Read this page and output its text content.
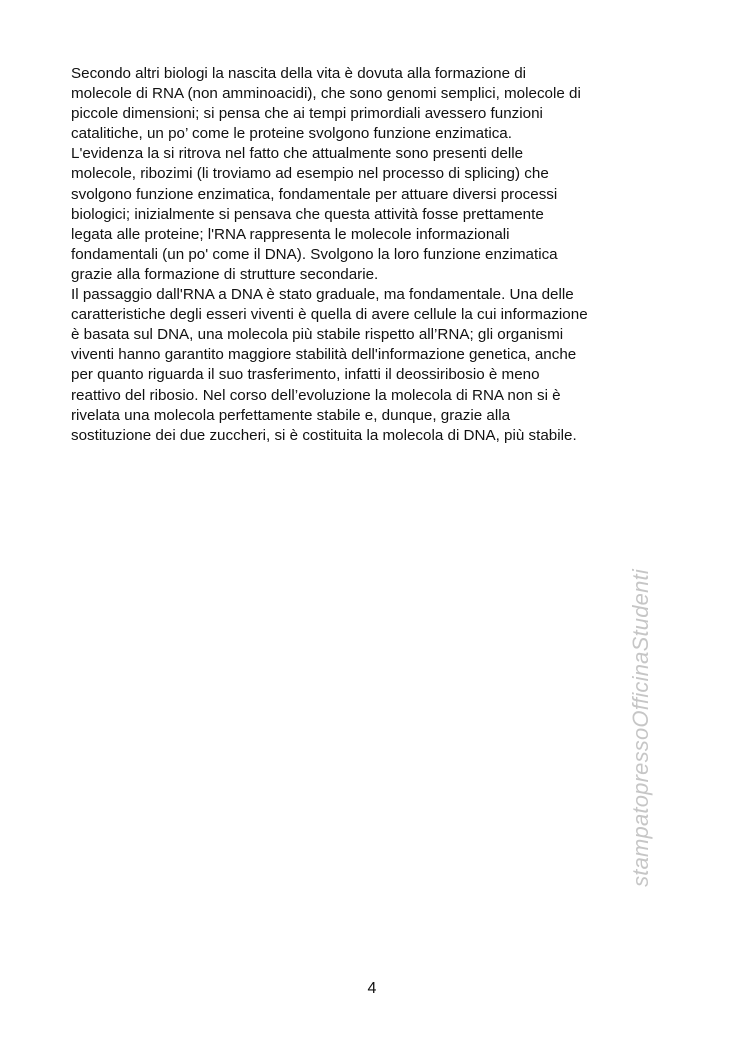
Secondo altri biologi la nascita della vita è dovuta alla formazione di
molecole di RNA (non amminoacidi), che sono genomi semplici, molecole di
piccole dimensioni; si pensa che ai tempi primordiali avessero funzioni
catalitiche, un po’ come le proteine svolgono funzione enzimatica.
L'evidenza la si ritrova nel fatto che attualmente sono presenti delle
molecole, ribozimi (li troviamo ad esempio nel processo di splicing) che
svolgono funzione enzimatica, fondamentale per attuare diversi processi
biologici; inizialmente si pensava che questa attività fosse prettamente
legata alle proteine; l'RNA rappresenta le molecole informazionali
fondamentali (un po' come il DNA). Svolgono la loro funzione enzimatica
grazie alla formazione di strutture secondarie.
Il passaggio dall'RNA a DNA è stato graduale, ma fondamentale. Una delle
caratteristiche degli esseri viventi è quella di avere cellule la cui informazione
è basata sul DNA, una molecola più stabile rispetto all’RNA; gli organismi
viventi hanno garantito maggiore stabilità dell'informazione genetica, anche
per quanto riguarda il suo trasferimento, infatti il deossiribosio è meno
reattivo del ribosio. Nel corso dell’evoluzione la molecola di RNA non si è
rivelata una molecola perfettamente stabile e, dunque, grazie alla
sostituzione dei due zuccheri, si è costituita la molecola di DNA, più stabile.

stampatopressoOfficinaStudenti
4
